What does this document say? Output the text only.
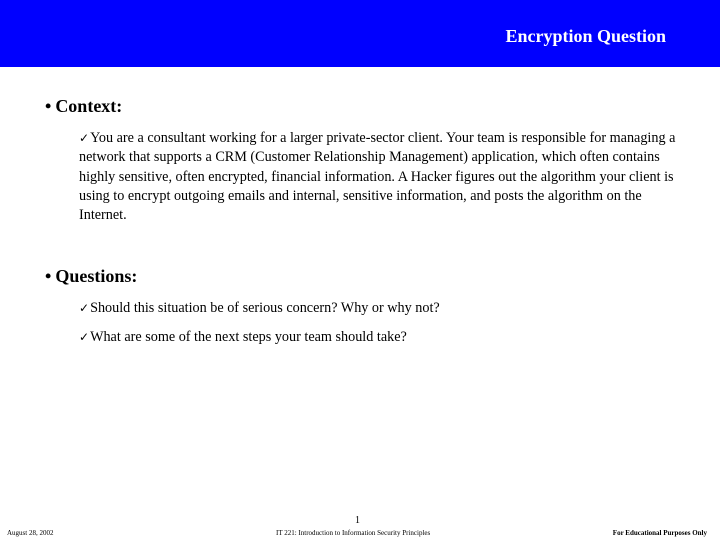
Encryption Question
• Context:
✓You are a consultant working for a larger private-sector client. Your team is responsible for managing a network that supports a CRM (Customer Relationship Management) application, which often contains highly sensitive, often encrypted, financial information. A Hacker figures out the algorithm your client is using to encrypt outgoing emails and internal, sensitive information, and posts the algorithm on the Internet.
• Questions:
✓Should this situation be of serious concern? Why or why not?
✓What are some of the next steps your team should take?
1
August 28, 2002	IT 221: Introduction to Information Security Principles	For Educational Purposes Only
